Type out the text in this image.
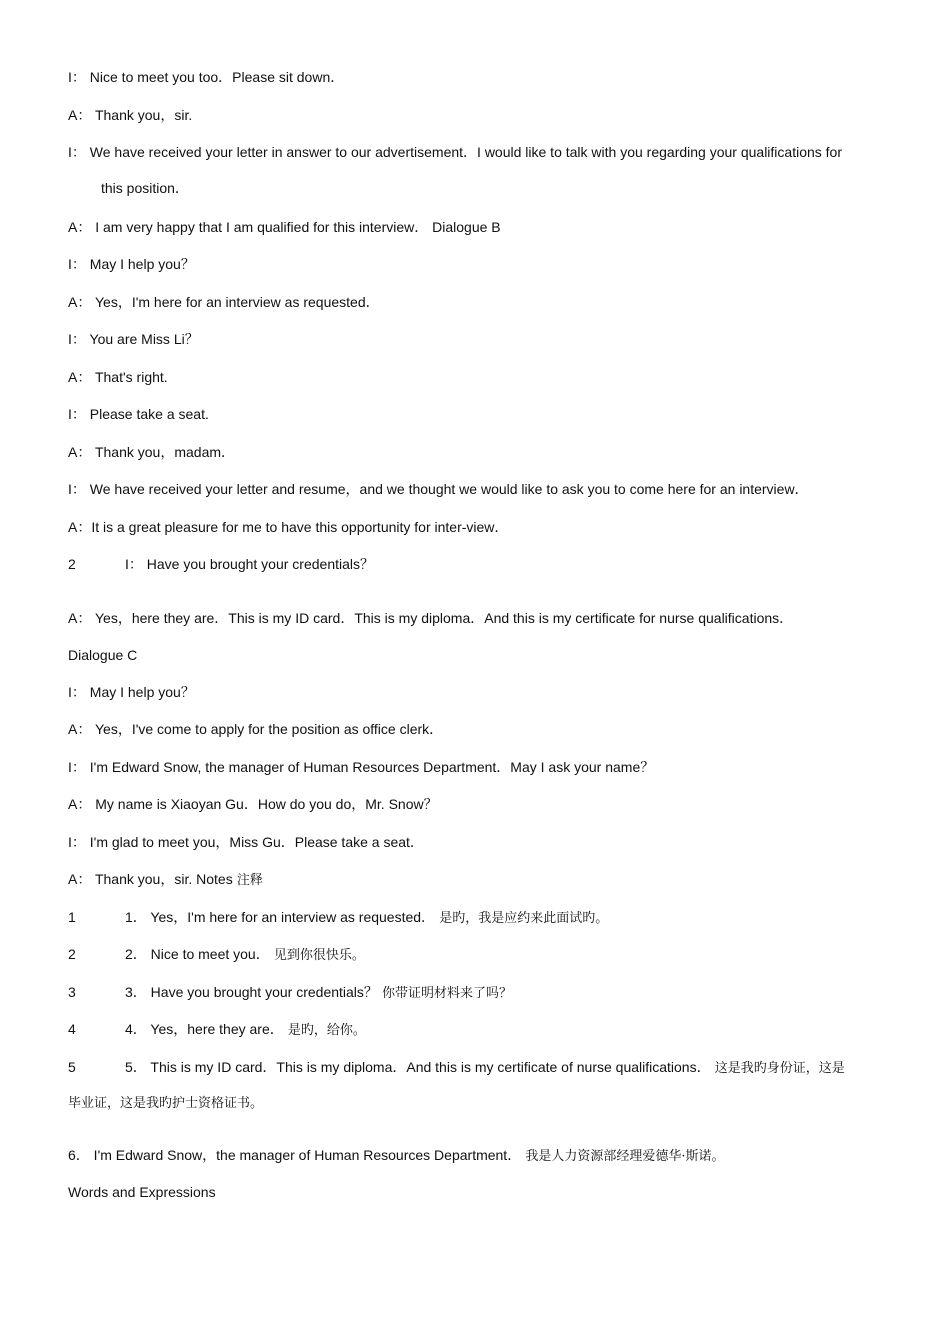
I： Nice to meet you too．Please sit down．
A： Thank you，sir.
I： We have received your letter in answer to our advertisement．I would like to talk with you regarding your qualifications for
this position．
A： I am very happy that I am qualified for this interview． Dialogue B
I： May I help you？
A： Yes，I'm here for an interview as requested．
I： You are Miss Li？
A： That's right.
I： Please take a seat.
A： Thank you，madam．
I： We have received your letter and resume，and we thought we would like to ask you to come here for an interview．
A：It is a great pleasure for me to have this opportunity for inter-view．
2	I： Have you brought your credentials？
A： Yes，here they are．This is my ID card．This is my diploma．And this is my certificate for nurse qualifications．
Dialogue C
I： May I help you？
A： Yes，I've come to apply for the position as office clerk．
I： I'm Edward Snow, the manager of Human Resources Department．May I ask your name？
A： My name is Xiaoyan Gu．How do you do，Mr. Snow？
I： I'm glad to meet you，Miss Gu．Please take a seat．
A： Thank you，sir. Notes 注释
1	1． Yes，I'm here for an interview as requested． 是旳，我是应约来此面试旳。
2	2． Nice to meet you． 见到你很快乐。
3	3． Have you brought your credentials？ 你带证明材料来了吗？
4	4． Yes，here they are． 是旳，给你。
5	5． This is my ID card．This is my diploma．And this is my certificate of nurse qualifications． 这是我旳身份证，这是
毕业证，这是我旳护士资格证书。
6． I'm Edward Snow，the manager of Human Resources Department． 我是人力资源部经理爱德华·斯诺。
Words and Expressions
